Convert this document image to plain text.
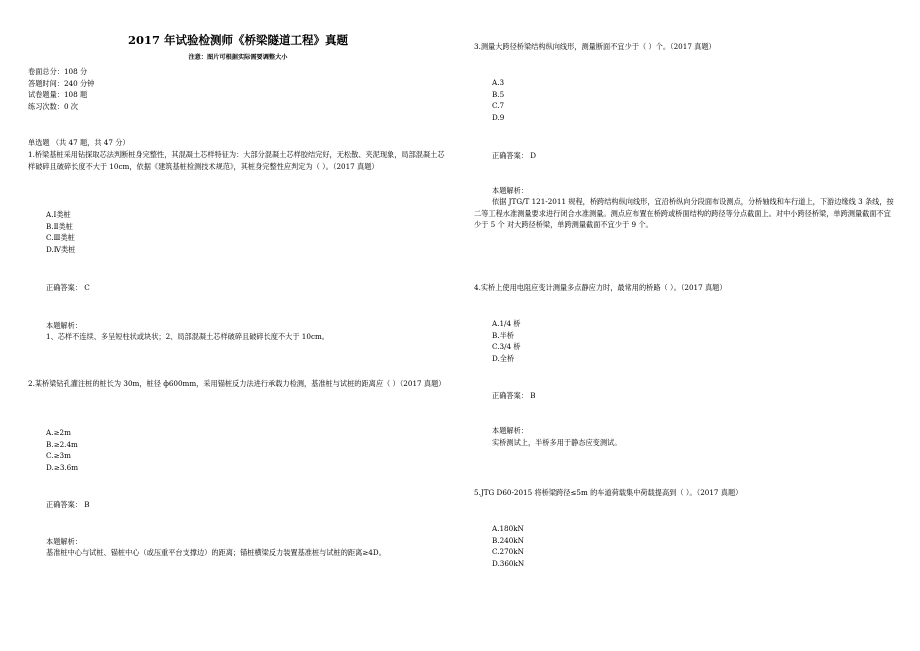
2017 年试验检测师《桥梁隧道工程》真题
注意：图片可根据实际需要调整大小

卷面总分：108 分

答题时间：240 分钟

试卷题量：108 题

练习次数：0 次

单选题 （共 47 题，共 47 分）

1.桥梁基桩采用钻探取芯法判断桩身完整性，其混凝土芯样特征为：大部分混凝土芯样胶结完好，无松散、夹泥现象，局部混凝土芯样破碎且破碎长度不大于 10cm，依据《建筑基桩检测技术规范》，其桩身完整性应判定为（ ）。（2017 真题）

A.Ⅰ类桩

B.Ⅱ类桩

C.Ⅲ类桩

D.Ⅳ类桩

正确答案： C

本题解析：

1、芯样不连续、多呈短柱状或块状；2、局部混凝土芯样破碎且破碎长度不大于 10cm。

2.某桥梁钻孔灌注桩的桩长为 30m，桩径 ф600mm，采用锚桩反力法进行承载力检测，基准桩与试桩的距离应（ ）（2017 真题）

A.≥2m

B.≥2.4m

C.≥3m

D.≥3.6m

正确答案： B

本题解析：

基准桩中心与试桩、锚桩中心（或压重平台支撑边）的距离；锚桩横梁反力装置基准桩与试桩的距离≥4D。

3.测量大跨径桥梁结构纵向线形，测量断面不宜少于（ ）个。（2017 真题）

A.3

B.5

C.7

D.9

正确答案： D

本题解析：

依据 JTG/T 121-2011 规程，桥跨结构纵向线形，宜沿桥纵向分段面布设测点，分桥轴线和车行道上，下游边缘线 3 条线，按二等工程水准测量要求进行闭合水准测量。测点应布置在桥跨或桥面结构的跨径等分点截面上。对中小跨径桥梁，单跨测量截面不宜少于 5 个 对大跨径桥梁，单跨测量截面不宜少于 9 个。

4.实桥上使用电阻应变计测量多点静应力时，最常用的桥路（ ）。（2017 真题）

A.1/4 桥

B.半桥

C.3/4 桥

D.全桥

正确答案： B

本题解析：

实桥测试上，半桥多用于静态应变测试。

5.JTG D60-2015 将桥梁跨径≤5m 的车道荷载集中荷载提高到（ ）。（2017 真题）

A.180kN

B.240kN

C.270kN

D.360kN
